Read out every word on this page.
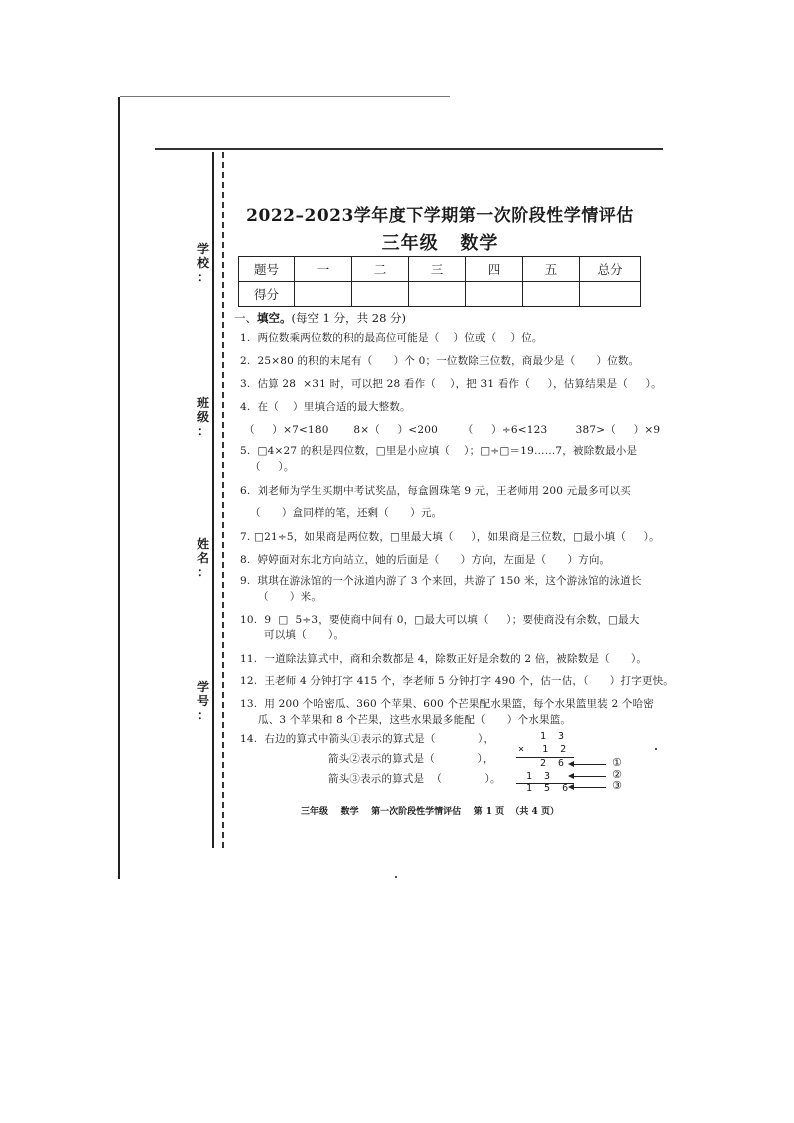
学
校
：
班
级
：
姓
名
：
学
号
：
2022–2023学年度下学期第一次阶段性学情评估
三年级   数学
题号	一	二	三	四	五	总分
得分						
一、填空。(每空 1 分，共 28 分)
1.  两位数乘两位数的积的最高位可能是（    ）位或（    ）位。
2.  25×80 的积的末尾有（      ）个 0；一位数除三位数，商最少是（      ）位数。
3.  估算 28  ×31 时，可以把 28 看作（    ），把 31 看作（     ），估算结果是（     ）。
4.  在（    ）里填合适的最大整数。
（     ）×7<180       8×（     ）<200       （     ）÷6<123        387>（     ）×9
5.  □4×27 的积是四位数，□里是小应填（    ）；□÷□＝19……7，被除数最小是
（     ）。
6.  刘老师为学生买期中考试奖品，每盒圆珠笔 9 元，王老师用 200 元最多可以买
（      ）盒同样的笔，还剩（      ）元。
7. □21÷5，如果商是两位数，□里最大填（     ），如果商是三位数，□最小填（     ）。
8.  婷婷面对东北方向站立，她的后面是（      ）方向，左面是（      ）方向。
9.  琪琪在游泳馆的一个泳道内游了 3 个来回，共游了 150 米，这个游泳馆的泳道长
（      ）米。
10.  9  □  5÷3，要使商中间有 0，□最大可以填（     ）；要使商没有余数，□最大
可以填（      ）。
11.  一道除法算式中，商和余数都是 4，除数正好是余数的 2 倍，被除数是（      ）。
12.  王老师 4 分钟打字 415 个，李老师 5 分钟打字 490 个，估一估，（      ）打字更快。
13.  用 200 个哈密瓜、360 个苹果、600 个芒果配水果篮，每个水果篮里装 2 个哈密
瓜、3 个苹果和 8 个芒果，这些水果最多能配（      ）个水果篮。
14.  右边的算式中箭头①表示的算式是（            ），
箭头②表示的算式是（            ），
箭头③表示的算式是  （            ）。
1  3
×   1  2
2  6
1  3
1  5  6
①
②
③
三年级    数学    第一次阶段性学情评估    第 1 页  （共 4 页）
